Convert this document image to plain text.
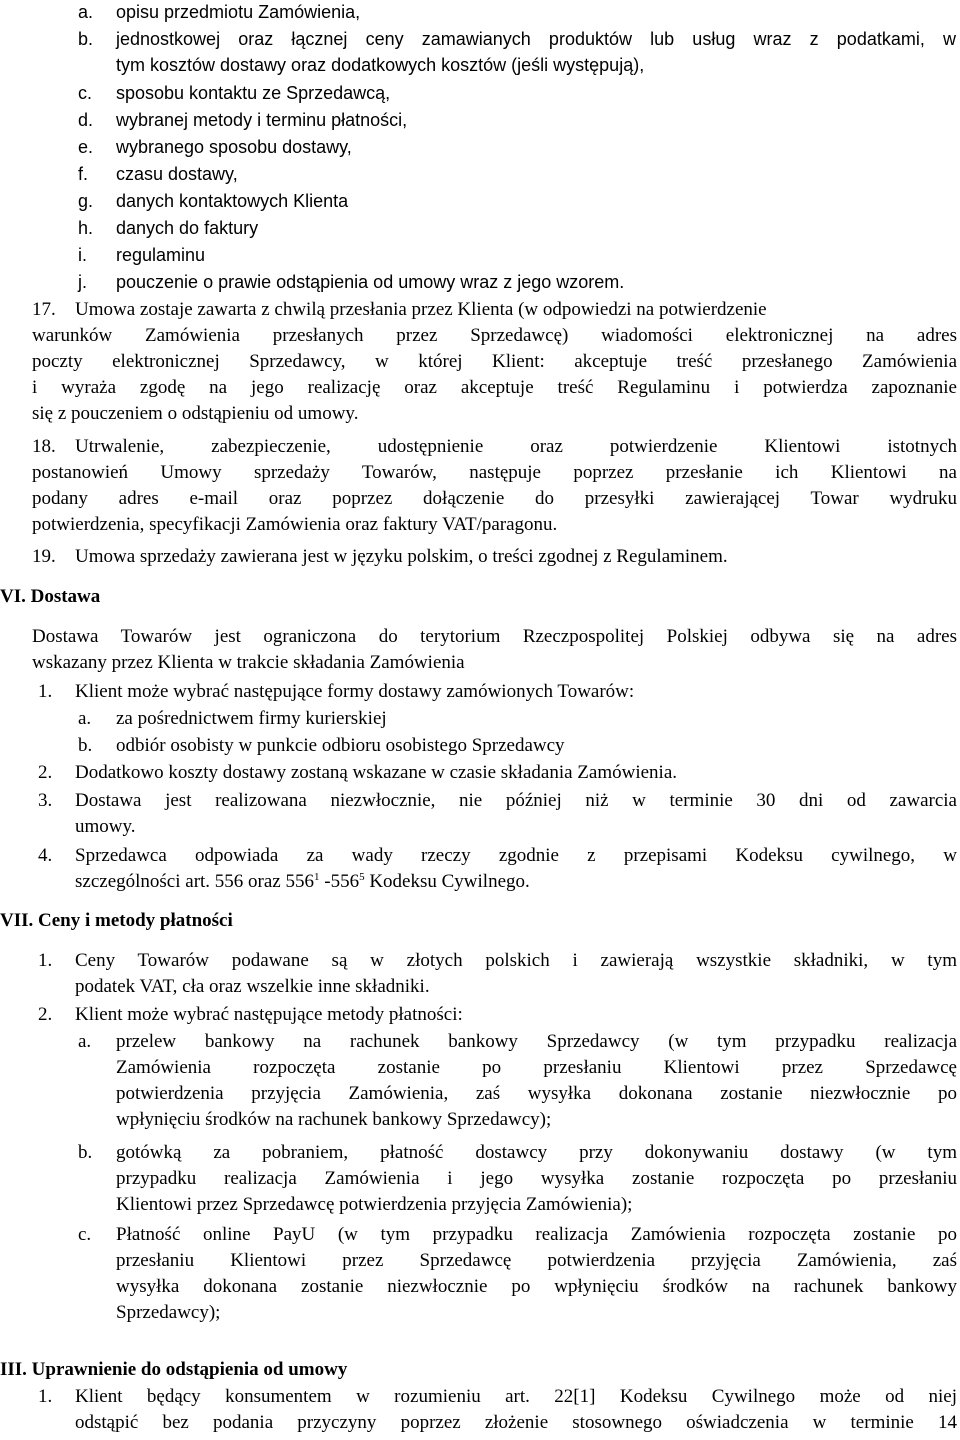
a. opisu przedmiotu Zamówienia,
b. jednostkowej oraz łącznej ceny zamawianych produktów lub usług wraz z podatkami, w
tym kosztów dostawy oraz dodatkowych kosztów (jeśli występują),
c. sposobu kontaktu ze Sprzedawcą,
d. wybranej metody i terminu płatności,
e. wybranego sposobu dostawy,
f. czasu dostawy,
g. danych kontaktowych Klienta
h. danych do faktury
i. regulaminu
j. pouczenie o prawie odstąpienia od umowy wraz z jego wzorem.
17. Umowa zostaje zawarta z chwilą przesłania przez Klienta (w odpowiedzi na potwierdzenie
warunków Zamówienia przesłanych przez Sprzedawcę) wiadomości elektronicznej na adres
poczty elektronicznej Sprzedawcy, w której Klient: akceptuje treść przesłanego Zamówienia
i wyraża zgodę na jego realizację oraz akceptuje treść Regulaminu i potwierdza zapoznanie
się z pouczeniem o odstąpieniu od umowy.
18. Utrwalenie, zabezpieczenie, udostępnienie oraz potwierdzenie Klientowi istotnych
postanowień Umowy sprzedaży Towarów, następuje poprzez przesłanie ich Klientowi na
podany adres e-mail oraz poprzez dołączenie do przesyłki zawierającej Towar wydruku
potwierdzenia, specyfikacji Zamówienia oraz faktury VAT/paragonu.
19. Umowa sprzedaży zawierana jest w języku polskim, o treści zgodnej z Regulaminem.
VI. Dostawa
Dostawa Towarów jest ograniczona do terytorium Rzeczpospolitej Polskiej odbywa się na adres
wskazany przez Klienta w trakcie składania Zamówienia
1. Klient może wybrać następujące formy dostawy zamówionych Towarów:
a. za pośrednictwem firmy kurierskiej
b. odbiór osobisty w punkcie odbioru osobistego Sprzedawcy
2. Dodatkowo koszty dostawy zostaną wskazane w czasie składania Zamówienia.
3. Dostawa jest realizowana niezwłocznie, nie później niż w terminie 30 dni od zawarcia
umowy.
4. Sprzedawca odpowiada za wady rzeczy zgodnie z przepisami Kodeksu cywilnego, w
szczególności art. 556 oraz $556^1$ $-556^5$ Kodeksu Cywilnego.
VII. Ceny i metody płatności
1. Ceny Towarów podawane są w złotych polskich i zawierają wszystkie składniki, w tym
podatek VAT, cła oraz wszelkie inne składniki.
2. Klient może wybrać następujące metody płatności:
a. przelew bankowy na rachunek bankowy Sprzedawcy (w tym przypadku realizacja
Zamówienia rozpoczęta zostanie po przesłaniu Klientowi przez Sprzedawcę
potwierdzenia przyjęcia Zamówienia, zaś wysyłka dokonana zostanie niezwłocznie po
wpłynięciu środków na rachunek bankowy Sprzedawcy);
b. gotówką za pobraniem, płatność dostawcy przy dokonywaniu dostawy (w tym
przypadku realizacja Zamówienia i jego wysyłka zostanie rozpoczęta po przesłaniu
Klientowi przez Sprzedawcę potwierdzenia przyjęcia Zamówienia);
c. Płatność online PayU (w tym przypadku realizacja Zamówienia rozpoczęta zostanie po
przesłaniu Klientowi przez Sprzedawcę potwierdzenia przyjęcia Zamówienia, zaś
wysyłka dokonana zostanie niezwłocznie po wpłynięciu środków na rachunek bankowy
Sprzedawcy);
III. Uprawnienie do odstąpienia od umowy
1. Klient będący konsumentem w rozumieniu art. 22[1] Kodeksu Cywilnego może od niej
odstąpić bez podania przyczyny poprzez złożenie stosownego oświadczenia w terminie 14
